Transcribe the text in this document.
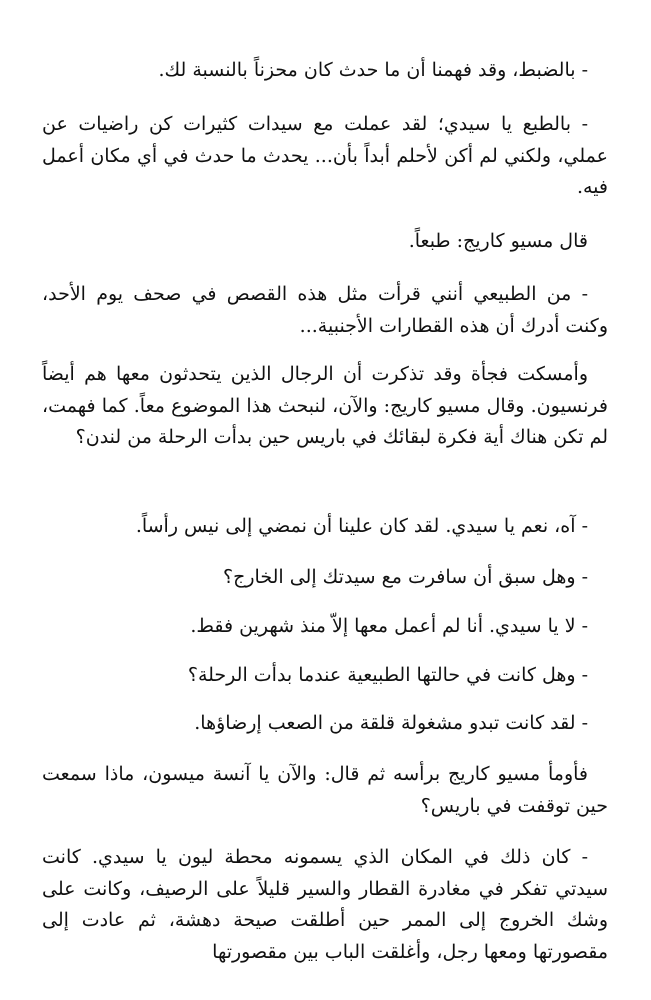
- بالضبط، وقد فهمنا أن ما حدث كان محزناً بالنسبة لك.

- بالطبع يا سيدي؛ لقد عملت مع سيدات كثيرات كن راضيات عن عملي، ولكني لم أكن لأحلم أبداً بأن... يحدث ما حدث في أي مكان أعمل فيه.

قال مسيو كاريج: طبعاً.

- من الطبيعي أنني قرأت مثل هذه القصص في صحف يوم الأحد، وكنت أدرك أن هذه القطارات الأجنبية...

وأمسكت فجأة وقد تذكرت أن الرجال الذين يتحدثون معها هم أيضاً فرنسيون. وقال مسيو كاريج: والآن، لنبحث هذا الموضوع معاً. كما فهمت، لم تكن هناك أية فكرة لبقائك في باريس حين بدأت الرحلة من لندن؟

- آه، نعم يا سيدي. لقد كان علينا أن نمضي إلى نيس رأساً.

- وهل سبق أن سافرت مع سيدتك إلى الخارج؟

- لا يا سيدي. أنا لم أعمل معها إلاّ منذ شهرين فقط.

- وهل كانت في حالتها الطبيعية عندما بدأت الرحلة؟

- لقد كانت تبدو مشغولة قلقة من الصعب إرضاؤها.

فأومأ مسيو كاريج برأسه ثم قال: والآن يا آنسة ميسون، ماذا سمعت حين توقفت في باريس؟

- كان ذلك في المكان الذي يسمونه محطة ليون يا سيدي. كانت سيدتي تفكر في مغادرة القطار والسير قليلاً على الرصيف، وكانت على وشك الخروج إلى الممر حين أطلقت صيحة دهشة، ثم عادت إلى مقصورتها ومعها رجل، وأغلقت الباب بين مقصورتها
